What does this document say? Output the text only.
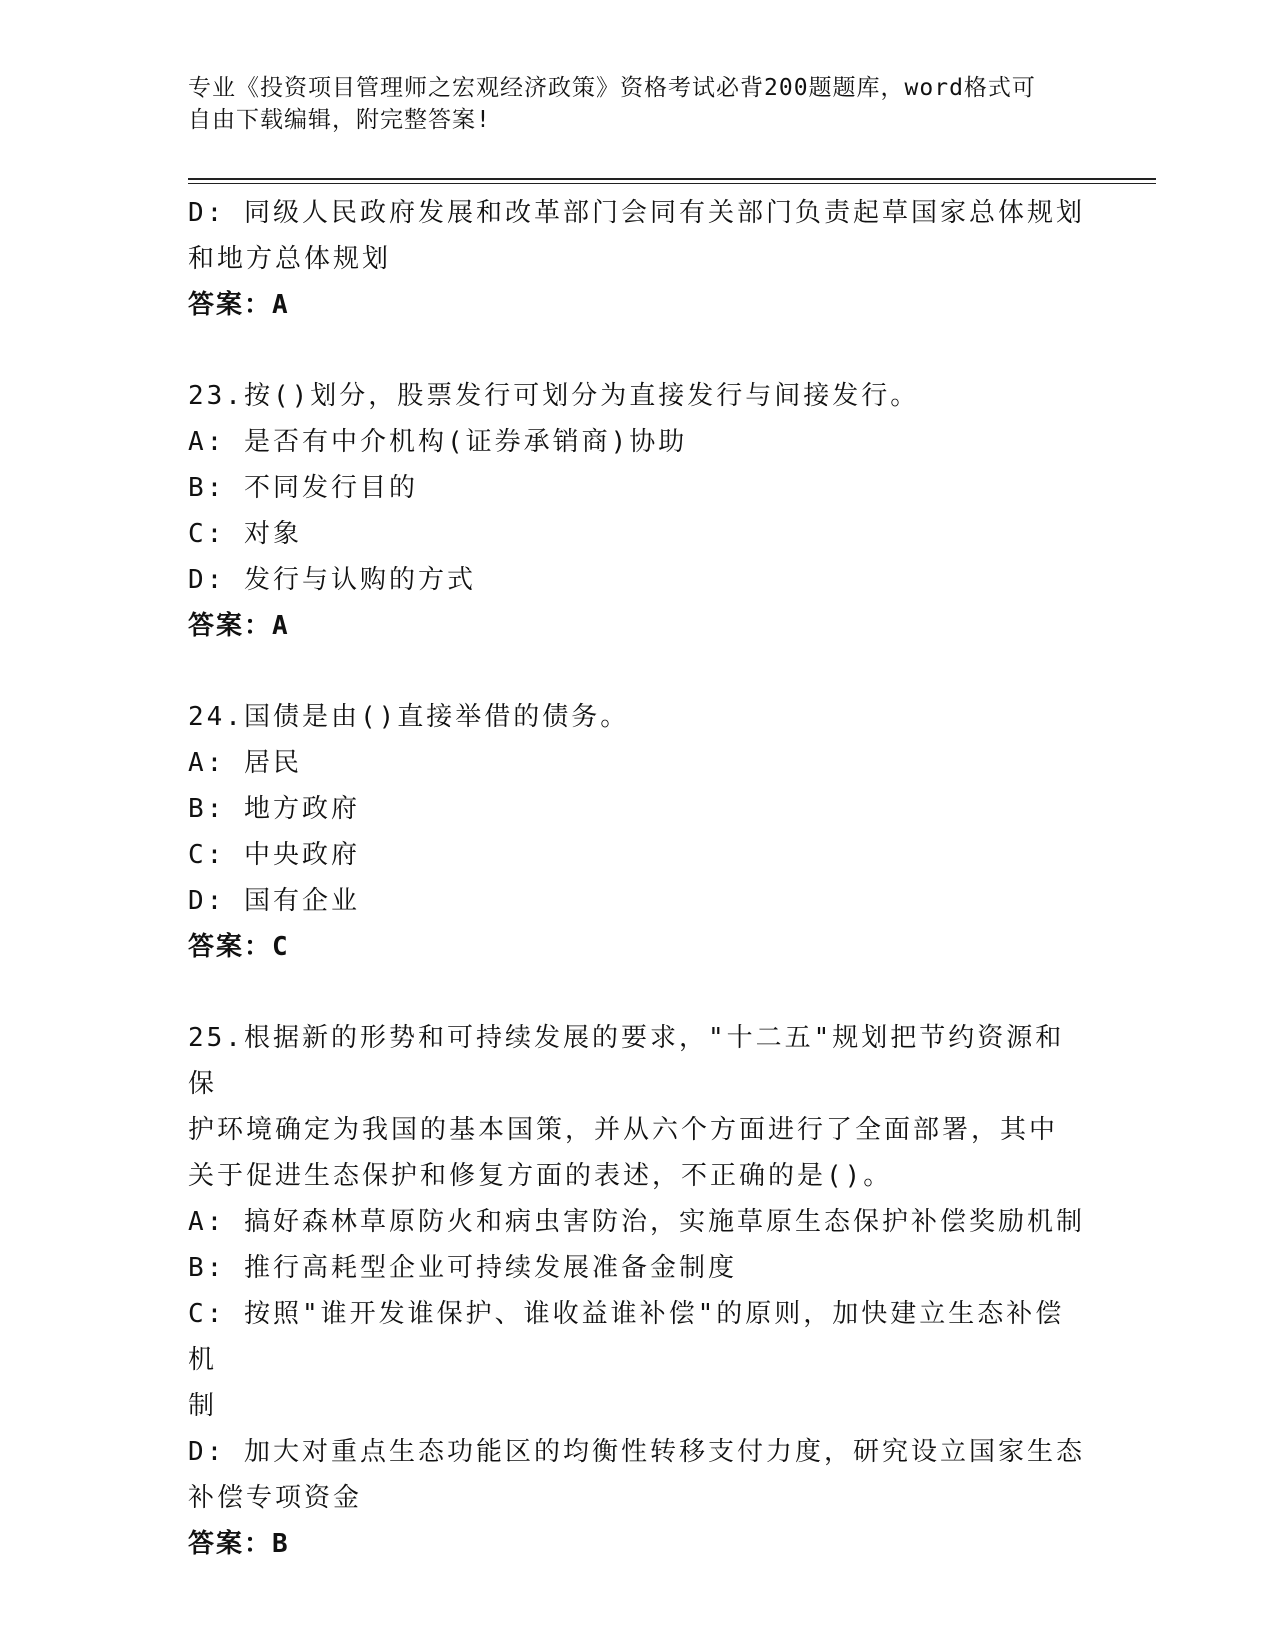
专业《投资项目管理师之宏观经济政策》资格考试必背200题题库，word格式可
自由下载编辑，附完整答案!
D: 同级人民政府发展和改革部门会同有关部门负责起草国家总体规划
和地方总体规划
答案：A
23.按()划分，股票发行可划分为直接发行与间接发行。
A: 是否有中介机构(证券承销商)协助
B: 不同发行目的
C: 对象
D: 发行与认购的方式
答案：A
24.国债是由()直接举借的债务。
A: 居民
B: 地方政府
C: 中央政府
D: 国有企业
答案：C
25.根据新的形势和可持续发展的要求，"十二五"规划把节约资源和保
护环境确定为我国的基本国策，并从六个方面进行了全面部署，其中
关于促进生态保护和修复方面的表述，不正确的是()。
A: 搞好森林草原防火和病虫害防治，实施草原生态保护补偿奖励机制
B: 推行高耗型企业可持续发展准备金制度
C: 按照"谁开发谁保护、谁收益谁补偿"的原则，加快建立生态补偿机
制
D: 加大对重点生态功能区的均衡性转移支付力度，研究设立国家生态
补偿专项资金
答案：B
